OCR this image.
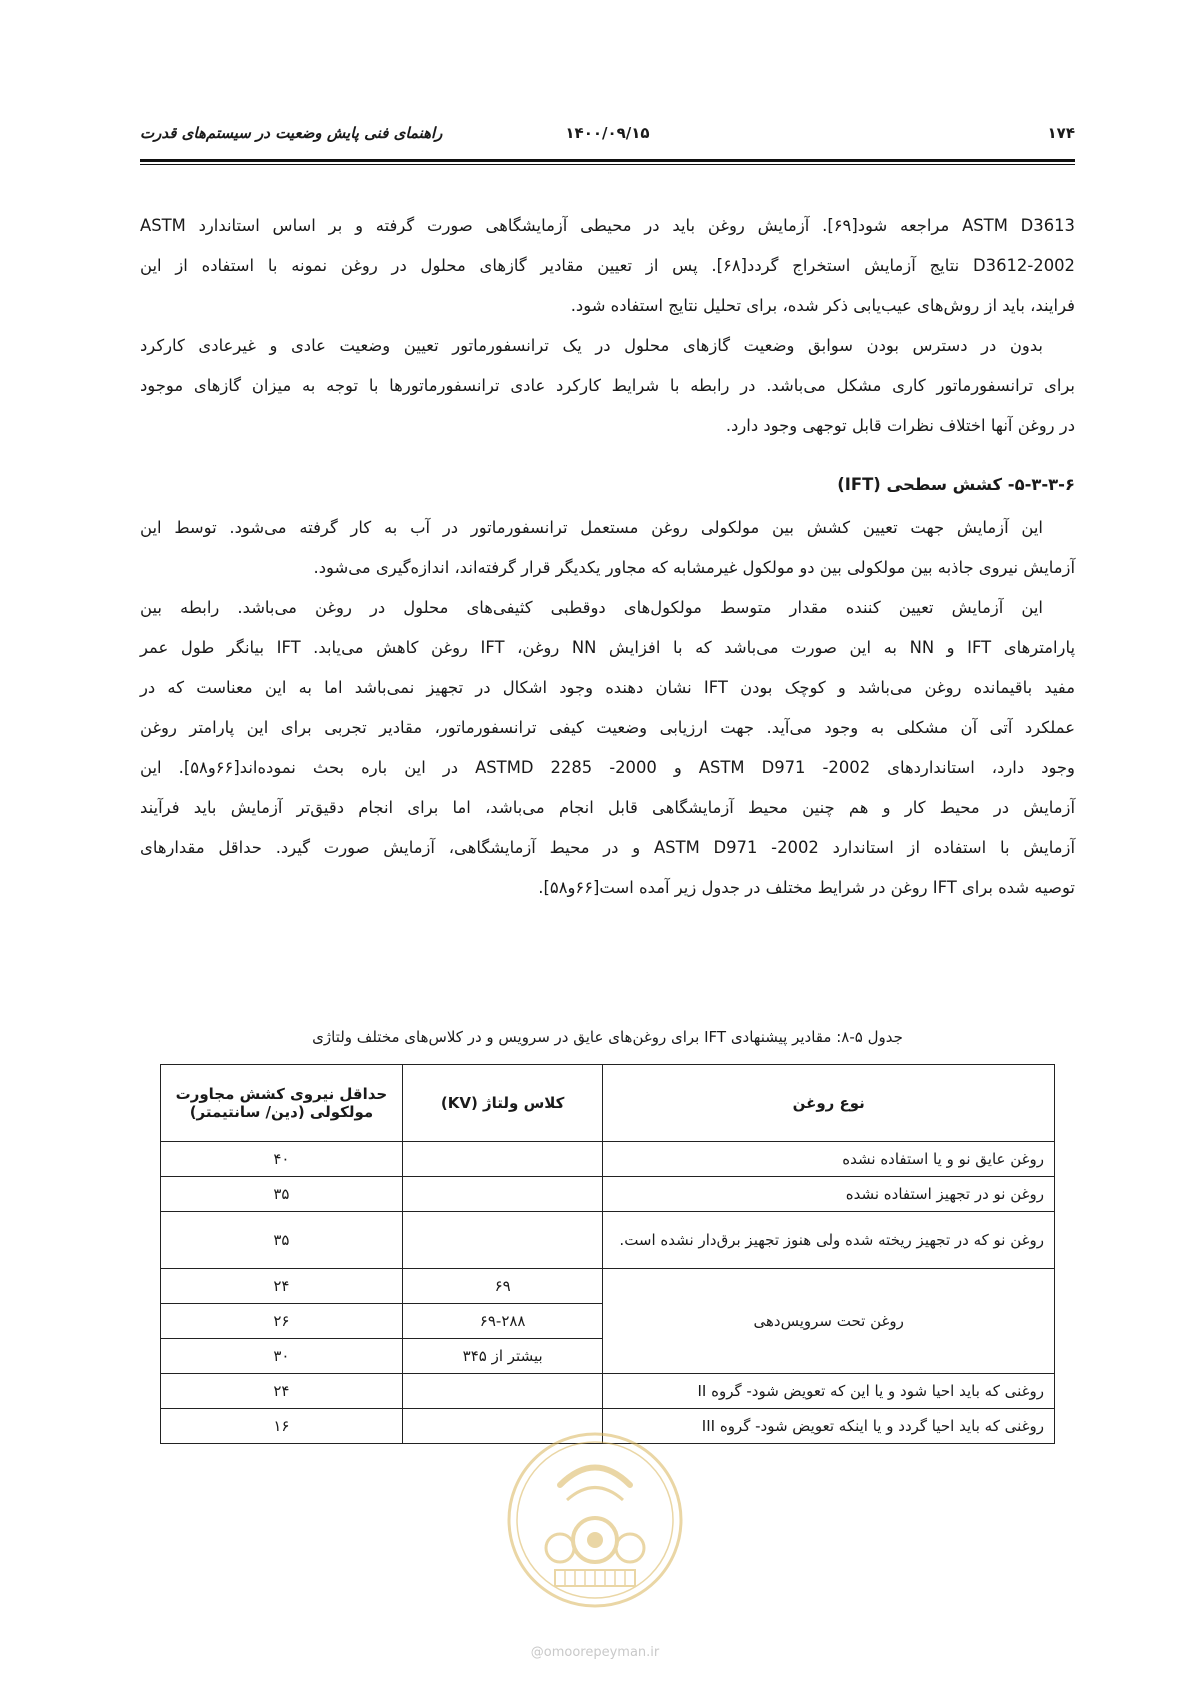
۱۷۴
۱۴۰۰/۰۹/۱۵
راهنمای فنی پایش وضعیت در سیستم‌های قدرت
ASTM D3613 مراجعه شود[۶۹]. آزمایش روغن باید در محیطی آزمایشگاهی صورت گرفته و بر اساس استاندارد ASTM
D3612-2002 نتایج آزمایش استخراج گردد[۶۸]. پس از تعیین مقادیر گازهای محلول در روغن نمونه با استفاده از این
فرایند، باید از روش‌های عیب‌یابی ذکر شده، برای تحلیل نتایج استفاده شود.
بدون در دسترس بودن سوابق وضعیت گازهای محلول در یک ترانسفورماتور تعیین وضعیت عادی و غیرعادی کارکرد
برای ترانسفورماتور کاری مشکل می‌باشد. در رابطه با شرایط کارکرد عادی ترانسفورماتورها با توجه به میزان گازهای موجود
در روغن آنها اختلاف نظرات قابل توجهی وجود دارد.
۵-۳-۳-۶- کشش سطحی (IFT)
این آزمایش جهت تعیین کشش بین مولکولی روغن مستعمل ترانسفورماتور در آب به کار گرفته می‌شود. توسط این
آزمایش نیروی جاذبه بین مولکولی بین دو مولکول غیرمشابه که مجاور یکدیگر قرار گرفته‌اند، اندازه‌گیری می‌شود.
این آزمایش تعیین کننده مقدار متوسط مولکول‌های دوقطبی کثیفی‌های محلول در روغن می‌باشد. رابطه بین
پارامترهای IFT و NN به این صورت می‌باشد که با افزایش NN روغن، IFT روغن کاهش می‌یابد. IFT بیانگر طول عمر
مفید باقیمانده روغن می‌باشد و کوچک بودن IFT نشان دهنده وجود اشکال در تجهیز نمی‌باشد اما به این معناست که در
عملکرد آتی آن مشکلی به وجود می‌آید. جهت ارزیابی وضعیت کیفی ترانسفورماتور، مقادیر تجربی برای این پارامتر روغن
وجود دارد، استانداردهای ASTM D971 -2002 و ASTMD 2285 -2000 در این باره بحث نموده‌اند[۶۶و۵۸]. این
آزمایش در محیط کار و هم چنین محیط آزمایشگاهی قابل انجام می‌باشد، اما برای انجام دقیق‌تر آزمایش باید فرآیند
آزمایش با استفاده از استاندارد ASTM D971 -2002 و در محیط آزمایشگاهی، آزمایش صورت گیرد. حداقل مقدارهای
توصیه شده برای IFT روغن در شرایط مختلف در جدول زیر آمده است[۶۶و۵۸].
جدول ۵-۸: مقادیر پیشنهادی IFT برای روغن‌های عایق در سرویس و در کلاس‌های مختلف ولتاژی
نوع روغن	کلاس ولتاژ (KV)	حداقل نیروی کشش مجاورت مولکولی (دین/ سانتیمتر)
روغن عایق نو و یا استفاده نشده		۴۰
روغن نو در تجهیز استفاده نشده		۳۵
روغن نو که در تجهیز ریخته شده ولی هنوز تجهیز برق‌دار نشده است.		۳۵
روغن تحت سرویس‌دهی	۶۹	۲۴
	۶۹-۲۸۸	۲۶
	بیشتر از ۳۴۵	۳۰
روغنی که باید احیا شود و یا این که تعویض شود- گروه II		۲۴
روغنی که باید احیا گردد و یا اینکه تعویض شود- گروه III		۱۶
@omoorepeyman.ir
